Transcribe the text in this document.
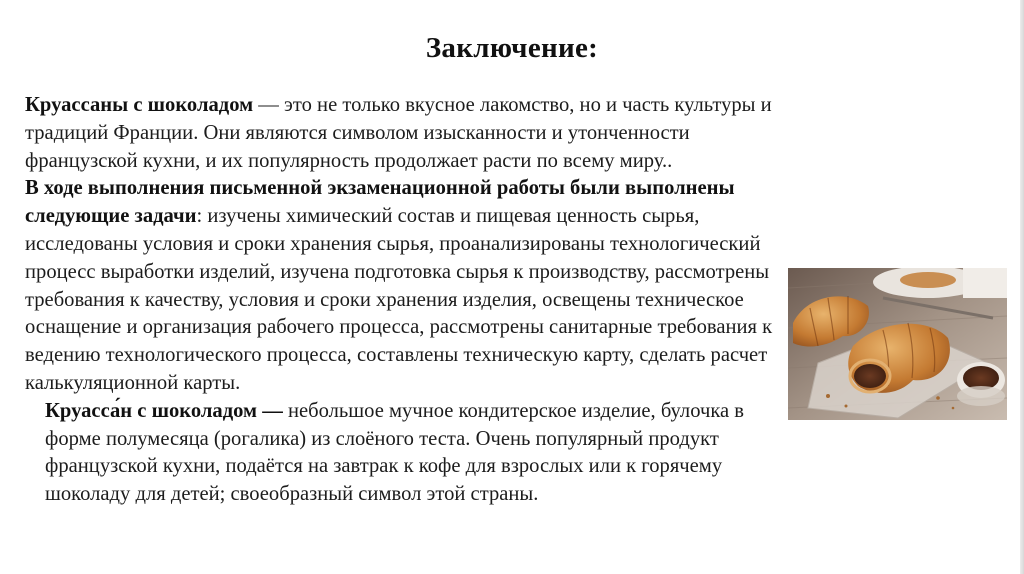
Заключение:

Круассаны с шоколадом — это не только вкусное лакомство, но и часть культуры и традиций Франции. Они являются символом изысканности и утонченности французской кухни, и их популярность продолжает расти по всему миру..

В ходе выполнения письменной экзаменационной работы были выполнены следующие задачи: изучены химический состав и пищевая ценность сырья, исследованы условия и сроки хранения сырья, проанализированы технологический процесс выработки изделий, изучена подготовка сырья к производству, рассмотрены требования к качеству, условия и сроки хранения изделия, освещены техническое оснащение и организация рабочего процесса, рассмотрены санитарные требования к ведению технологического процесса, составлены техническую карту, сделать расчет калькуляционной карты.

Круасса́н с шоколадом — небольшое мучное кондитерское изделие, булочка в форме полумесяца (рогалика) из слоёного теста. Очень популярный продукт французской кухни, подаётся на завтрак к кофе для взрослых или к горячему шоколаду для детей; своеобразный символ этой страны.
